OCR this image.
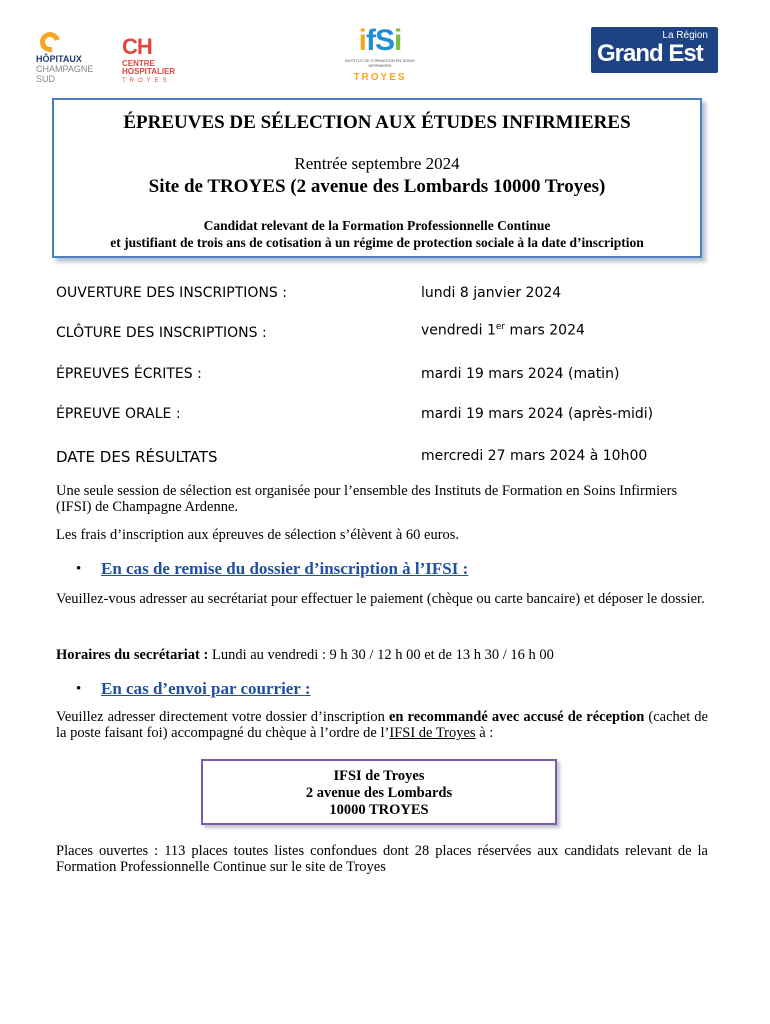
HÔPITAUX
CHAMPAGNE
SUD
CH
CENTRE
HOSPITALIER
TROYES
ifSi
INSTITUT DE FORMATION EN SOINS INFIRMIERS
TROYES
La Région
Grand Est
ÉPREUVES DE SÉLECTION AUX ÉTUDES INFIRMIERES
Rentrée septembre 2024
Site de TROYES (2 avenue des Lombards 10000 Troyes)
Candidat relevant de la Formation Professionnelle Continue
et justifiant de trois ans de cotisation à un régime de protection sociale à la date d’inscription
OUVERTURE DES INSCRIPTIONS :	lundi 8 janvier 2024
CLÔTURE DES INSCRIPTIONS :	vendredi 1er mars 2024
ÉPREUVES ÉCRITES :	mardi 19 mars 2024 (matin)
ÉPREUVE ORALE :	mardi 19 mars 2024 (après-midi)
DATE DES RÉSULTATS	mercredi 27 mars 2024 à 10h00
Une seule session de sélection est organisée pour l’ensemble des Instituts de Formation en Soins Infirmiers (IFSI) de Champagne Ardenne.
Les frais d’inscription aux épreuves de sélection s’élèvent à 60 euros.
• En cas de remise du dossier d’inscription à l’IFSI :
Veuillez-vous adresser au secrétariat pour effectuer le paiement (chèque ou carte bancaire) et déposer le dossier.
Horaires du secrétariat : Lundi au vendredi : 9 h 30 / 12 h 00 et de 13 h 30 / 16 h 00
• En cas d’envoi par courrier :
Veuillez adresser directement votre dossier d’inscription en recommandé avec accusé de réception (cachet de la poste faisant foi) accompagné du chèque à l’ordre de l’IFSI de Troyes à :
IFSI de Troyes
2 avenue des Lombards
10000 TROYES
Places ouvertes : 113 places toutes listes confondues dont 28 places réservées aux candidats relevant de la Formation Professionnelle Continue sur le site de Troyes
